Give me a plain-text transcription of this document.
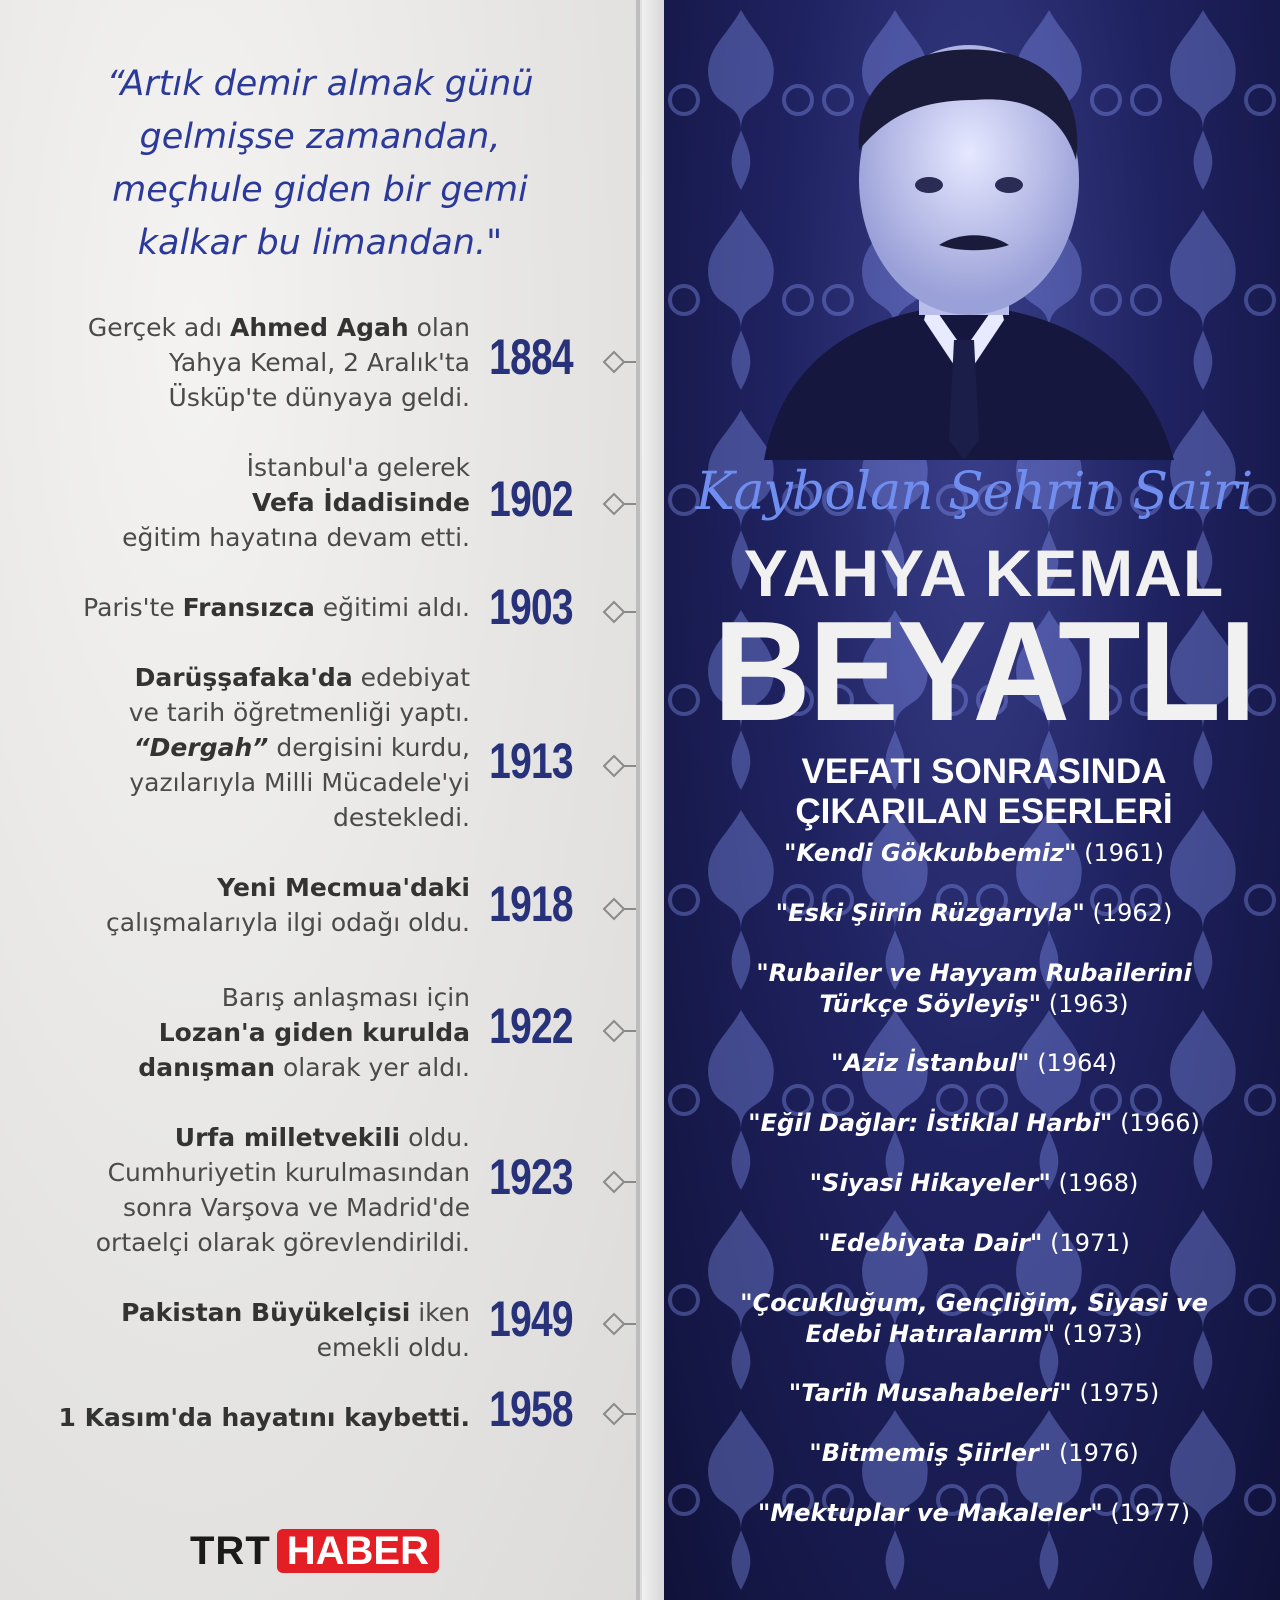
“Artık demir almak günü

gelmişse zamandan,

meçhule giden bir gemi

kalkar bu limandan."

Gerçek adı Ahmed Agah olan
Yahya Kemal, 2 Aralık'ta
Üsküp'te dünyaya geldi.
1884
İstanbul'a gelerek
Vefa İdadisinde
eğitim hayatına devam etti.
1902
Paris'te Fransızca eğitimi aldı. 1903
Darüşşafaka'da edebiyat
ve tarih öğretmenliği yaptı.
“Dergah” dergisini kurdu,
yazılarıyla Milli Mücadele'yi
destekledi.
1913
Yeni Mecmua'daki
çalışmalarıyla ilgi odağı oldu. 1918
Barış anlaşması için
Lozan'a giden kurulda
danışman olarak yer aldı.
1922
Urfa milletvekili oldu.
Cumhuriyetin kurulmasından
sonra Varşova ve Madrid'de
ortaelçi olarak görevlendirildi.
1923
Pakistan Büyükelçisi iken
emekli oldu.
1949
1 Kasım'da hayatını kaybetti. 1958
TRT HABER
Kaybolan Şehrin Şairi
YAHYA KEMAL
BEYATLI
VEFATI SONRASINDA
ÇIKARILAN ESERLERİ
"Kendi Gökkubbemiz" (1961)
"Eski Şiirin Rüzgarıyla" (1962)
"Rubailer ve Hayyam Rubailerini
Türkçe Söyleyiş" (1963)
"Aziz İstanbul" (1964)
"Eğil Dağlar: İstiklal Harbi" (1966)
"Siyasi Hikayeler" (1968)
"Edebiyata Dair" (1971)
"Çocukluğum, Gençliğim, Siyasi ve
Edebi Hatıralarım" (1973)
"Tarih Musahabeleri" (1975)
"Bitmemiş Şiirler" (1976)
"Mektuplar ve Makaleler" (1977)
